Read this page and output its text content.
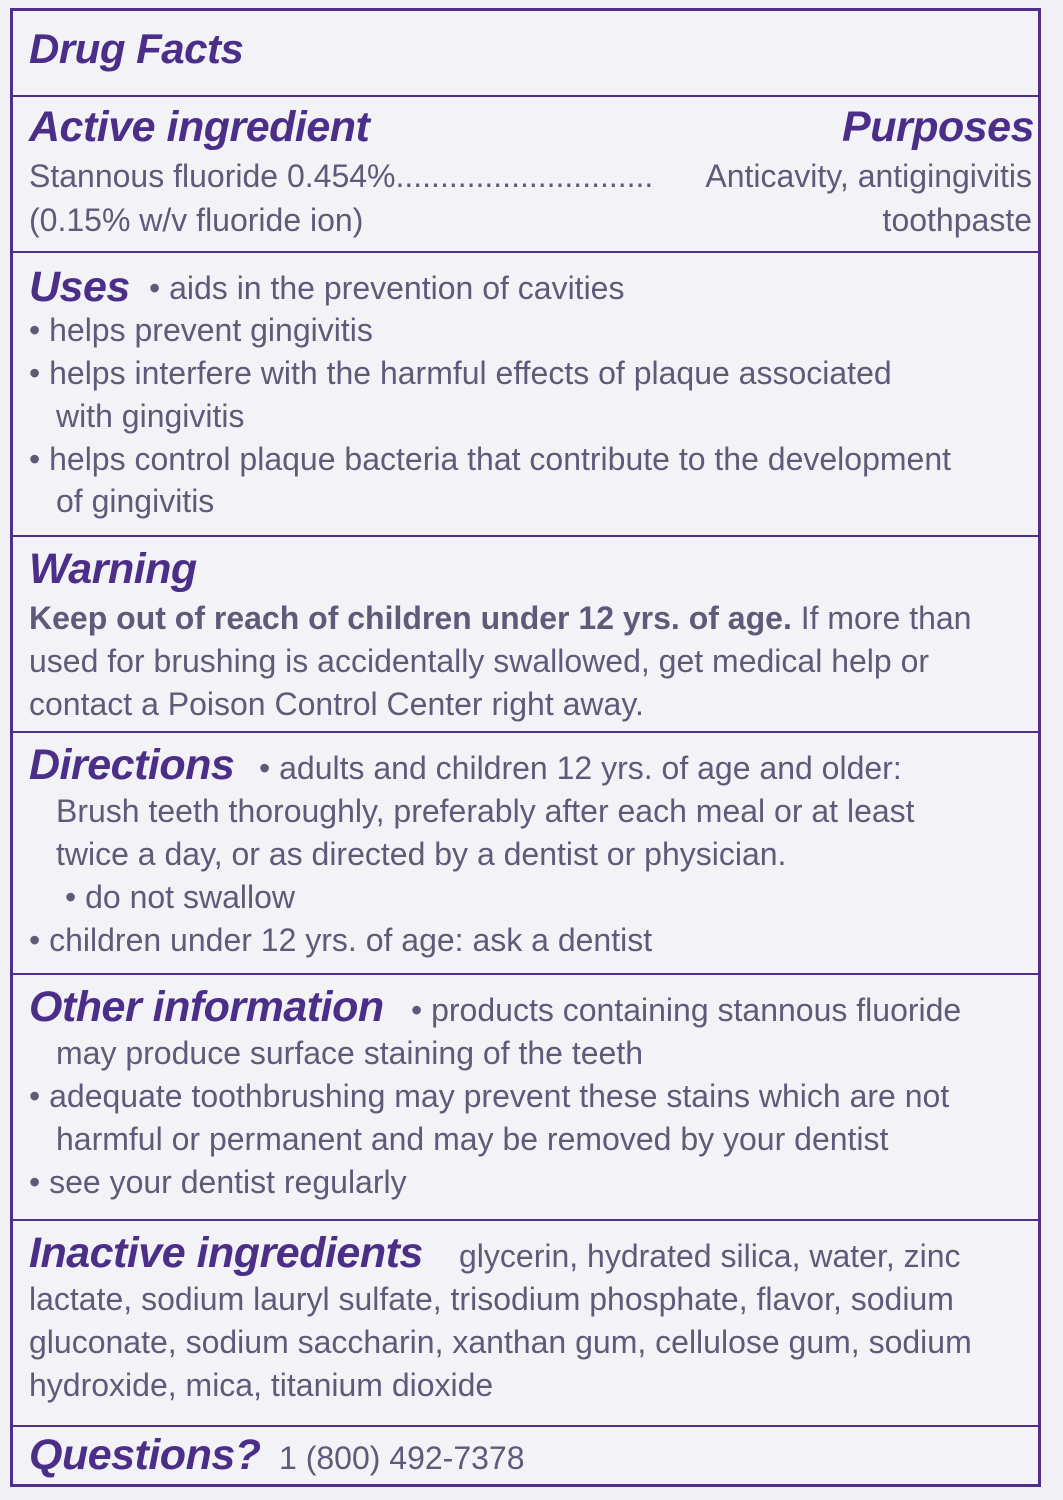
Drug Facts
Active ingredient	Purposes
Stannous fluoride 0.454%............................. Anticavity, antigingivitis
(0.15% w/v fluoride ion)	toothpaste
Uses • aids in the prevention of cavities
• helps prevent gingivitis
• helps interfere with the harmful effects of plaque associated
with gingivitis
• helps control plaque bacteria that contribute to the development
of gingivitis
Warning
Keep out of reach of children under 12 yrs. of age. If more than
used for brushing is accidentally swallowed, get medical help or
contact a Poison Control Center right away.
Directions • adults and children 12 yrs. of age and older:
Brush teeth thoroughly, preferably after each meal or at least
twice a day, or as directed by a dentist or physician.
• do not swallow
• children under 12 yrs. of age: ask a dentist
Other information • products containing stannous fluoride
may produce surface staining of the teeth
• adequate toothbrushing may prevent these stains which are not
harmful or permanent and may be removed by your dentist
• see your dentist regularly
Inactive ingredients glycerin, hydrated silica, water, zinc
lactate, sodium lauryl sulfate, trisodium phosphate, flavor, sodium
gluconate, sodium saccharin, xanthan gum, cellulose gum, sodium
hydroxide, mica, titanium dioxide
Questions? 1 (800) 492-7378
